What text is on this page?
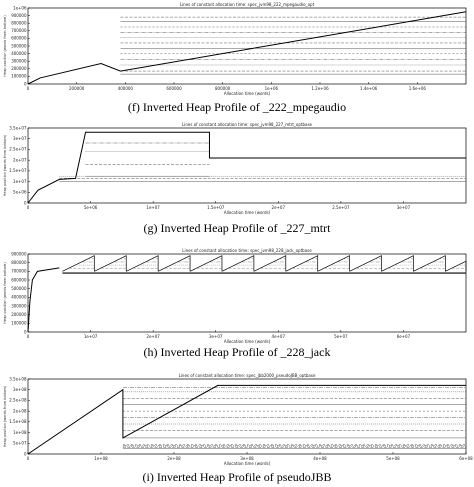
Lines of constant allocation time: spec_jvm98_222_mpegaudio_opt
0	200000	400000	600000	800000	1e+06	1.2e+06	1.4e+06	1.6e+06
0
100000
200000
300000
400000
500000
600000
700000
800000
900000
1e+06
Allocation time (words)
Heap position (words from bottom)
(f) Inverted Heap Profile of _222_mpegaudio
Lines of constant allocation time: spec_jvm98_227_mtrt_optbase
0	5e+06	1e+07	1.5e+07	2e+07	2.5e+07	3e+07
0
5e+06
1e+07
1.5e+07
2e+07
2.5e+07
3e+07
3.5e+07
Allocation time (words)
Heap position (words from bottom)
(g) Inverted Heap Profile of _227_mtrt
Lines of constant allocation time: spec_jvm98_228_jack_optbase
0	1e+07	2e+07	3e+07	4e+07	5e+07	6e+07
0
100000
200000
300000
400000
500000
600000
700000
800000
900000
Allocation time (words)
Heap position (words from bottom)
(h) Inverted Heap Profile of _228_jack
Lines of constant allocation time: spec_jbb2000_pseudoJBB_optbase
0	1e+08	2e+08	3e+08	4e+08	5e+08	6e+08
0
5e+07
1e+08
1.5e+08
2e+08
2.5e+08
3e+08
3.5e+08
Allocation time (words)
Heap position (words from bottom)
(i) Inverted Heap Profile of pseudoJBB
